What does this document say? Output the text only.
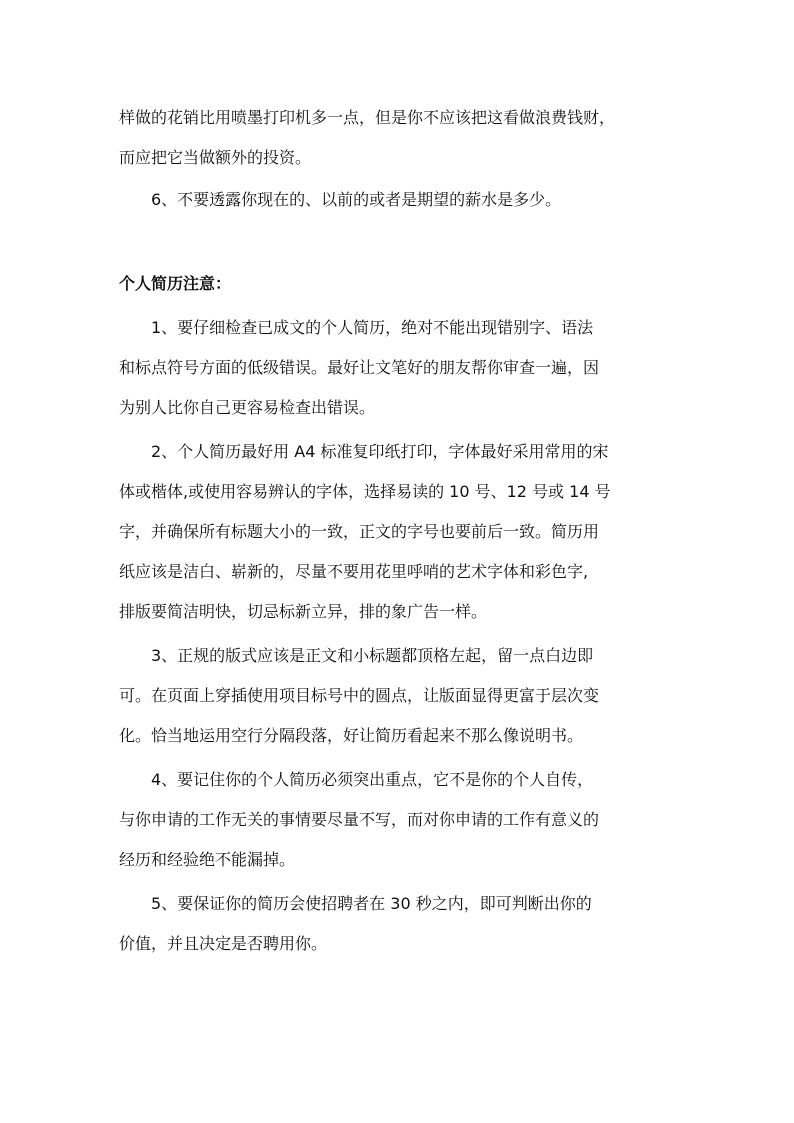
样做的花销比用喷墨打印机多一点，但是你不应该把这看做浪费钱财，

而应把它当做额外的投资。

6、不要透露你现在的、以前的或者是期望的薪水是多少。

个人简历注意：

1、要仔细检查已成文的个人简历，绝对不能出现错别字、语法

和标点符号方面的低级错误。最好让文笔好的朋友帮你审查一遍，因

为别人比你自己更容易检查出错误。

2、个人简历最好用 A4 标准复印纸打印，字体最好采用常用的宋

体或楷体,或使用容易辨认的字体，选择易读的 10 号、12 号或 14 号

字，并确保所有标题大小的一致，正文的字号也要前后一致。简历用

纸应该是洁白、崭新的，尽量不要用花里呼哨的艺术字体和彩色字,

排版要简洁明快，切忌标新立异，排的象广告一样。

3、正规的版式应该是正文和小标题都顶格左起，留一点白边即

可。在页面上穿插使用项目标号中的圆点，让版面显得更富于层次变

化。恰当地运用空行分隔段落，好让简历看起来不那么像说明书。

4、要记住你的个人简历必须突出重点，它不是你的个人自传，

与你申请的工作无关的事情要尽量不写，而对你申请的工作有意义的

经历和经验绝不能漏掉。

5、要保证你的简历会使招聘者在 30 秒之内，即可判断出你的

价值，并且决定是否聘用你。
